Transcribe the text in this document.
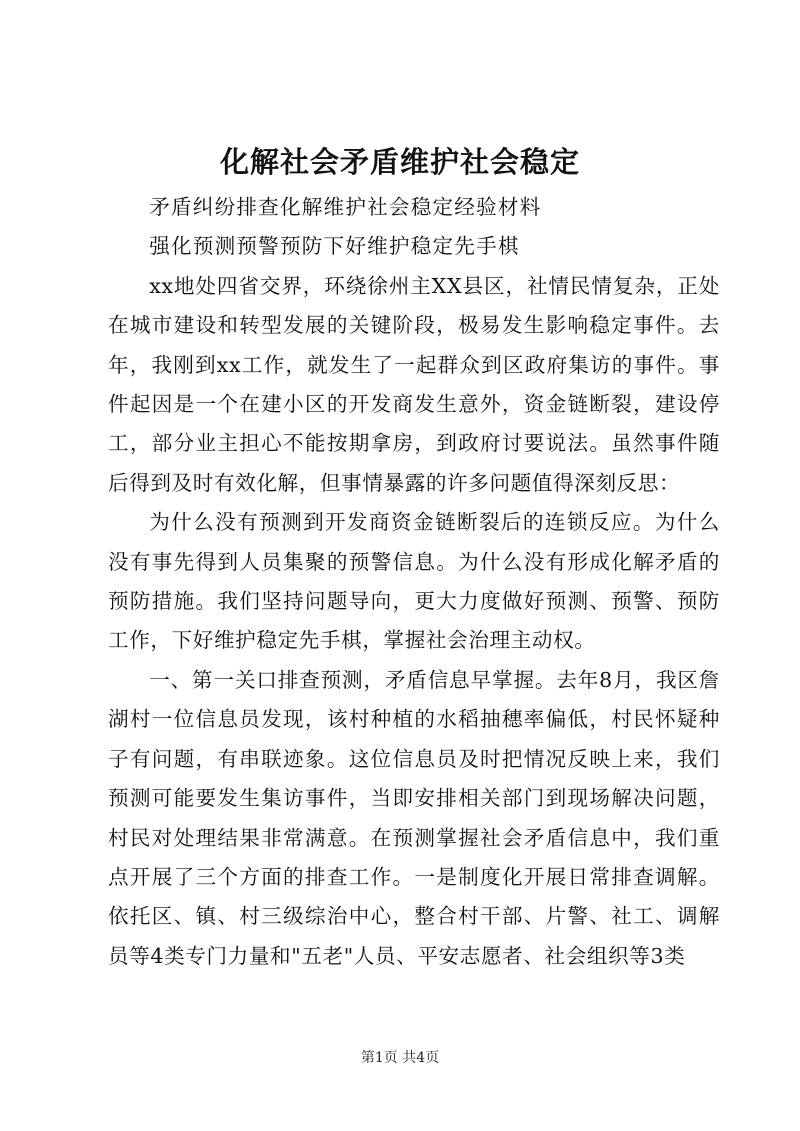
化解社会矛盾维护社会稳定

矛盾纠纷排查化解维护社会稳定经验材料

强化预测预警预防下好维护稳定先手棋

xx地处四省交界，环绕徐州主XX县区，社情民情复杂，正处在城市建设和转型发展的关键阶段，极易发生影响稳定事件。去年，我刚到xx工作，就发生了一起群众到区政府集访的事件。事件起因是一个在建小区的开发商发生意外，资金链断裂，建设停工，部分业主担心不能按期拿房，到政府讨要说法。虽然事件随后得到及时有效化解，但事情暴露的许多问题值得深刻反思：

为什么没有预测到开发商资金链断裂后的连锁反应。为什么没有事先得到人员集聚的预警信息。为什么没有形成化解矛盾的预防措施。我们坚持问题导向，更大力度做好预测、预警、预防工作，下好维护稳定先手棋，掌握社会治理主动权。

一、第一关口排查预测，矛盾信息早掌握。去年8月，我区詹湖村一位信息员发现，该村种植的水稻抽穗率偏低，村民怀疑种子有问题，有串联迹象。这位信息员及时把情况反映上来，我们预测可能要发生集访事件，当即安排相关部门到现场解决问题，村民对处理结果非常满意。在预测掌握社会矛盾信息中，我们重点开展了三个方面的排查工作。一是制度化开展日常排查调解。依托区、镇、村三级综治中心，整合村干部、片警、社工、调解员等4类专门力量和"五老"人员、平安志愿者、社会组织等3类

第1页 共4页
